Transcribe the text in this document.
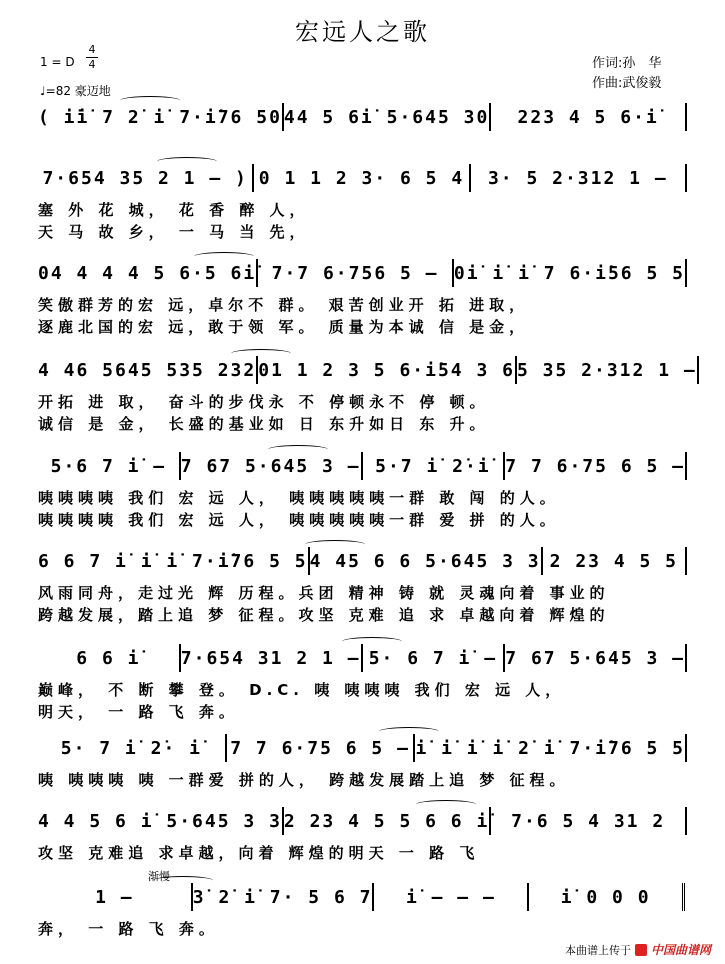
宏远人之歌
1 = D
4
4
♩=82 豪迈地
作词:孙　华
作曲:武俊毅
( i̇i̇ 7 2̇ i̇ 7·i̇76 50 44 5 6i̇ 5·645 30	223 4 5 6·i̇
7·654 35 2 1 – ) 0 1 1 2 3· 6 5 4	3· 5 2·312 1 –
塞 外 花 城， 花 香 醉 人，
天 马 故 乡， 一 马 当 先，
04 4 4 4 5 6·5 6i̇ 7·7 6·756 5 – 0i̇ i̇ i̇ 7 6·i̇56 5 5
笑傲群芳的宏 远，卓尔不 群。 艰苦创业开 拓 进取，
逐鹿北国的宏 远，敢于领 军。 质量为本诚 信 是金，
4 46 5645 535 232 01 1 2 3 5 6·i̇54 3 6 5 35 2·312 1 –
开拓 进 取， 奋斗的步伐永 不 停顿永不 停 顿。
诚信 是 金， 长盛的基业如 日 东升如日 东 升。
5·6 7 i̇ – 7 67 5·645 3 – 5·7 i̇ 2̇·i̇ 7 7 6·75 6 5 –
咦咦咦咦 我们 宏 远 人， 咦咦咦咦咦一群 敢 闯 的人。
咦咦咦咦 我们 宏 远 人， 咦咦咦咦咦一群 爱 拼 的人。
6 6 7 i̇ i̇ i̇ 7·i̇76 5 5 4 45 6 6 5·645 3 3 2 23 4 5 5
风雨同舟，走过光 辉 历程。兵团 精神 铸 就 灵魂向着 事业的
跨越发展，踏上追 梦 征程。攻坚 克难 追 求 卓越向着 辉煌的
6 6 i̇	7·654 31 2 1 – 5· 6 7 i̇ – 7 67 5·645 3 –
巅峰， 不 断 攀 登。 D.C. 咦 咦咦咦 我们 宏 远 人，
明天， 一 路 飞 奔。
5· 7 i̇ 2̇· i̇	7 7 6·75 6 5 – i̇ i̇ i̇ i̇ 2̇ i̇ 7·i̇76 5 5
咦 咦咦咦 咦 一群爱 拼的人， 跨越发展踏上追 梦 征程。
4 4 5 6 i̇ 5·645 3 3 2 23 4 5 5 6 6 i̇	7·6 5 4 31 2
攻坚 克难追 求卓越，向着 辉煌的明天 一 路 飞
1 –	3̇ 2̇ i̇ 7· 5 6 7	i̇ – – –	i̇ 0 0 0
奔， 一 路 飞 奔。
渐慢
本曲谱上传于 中国曲谱网
